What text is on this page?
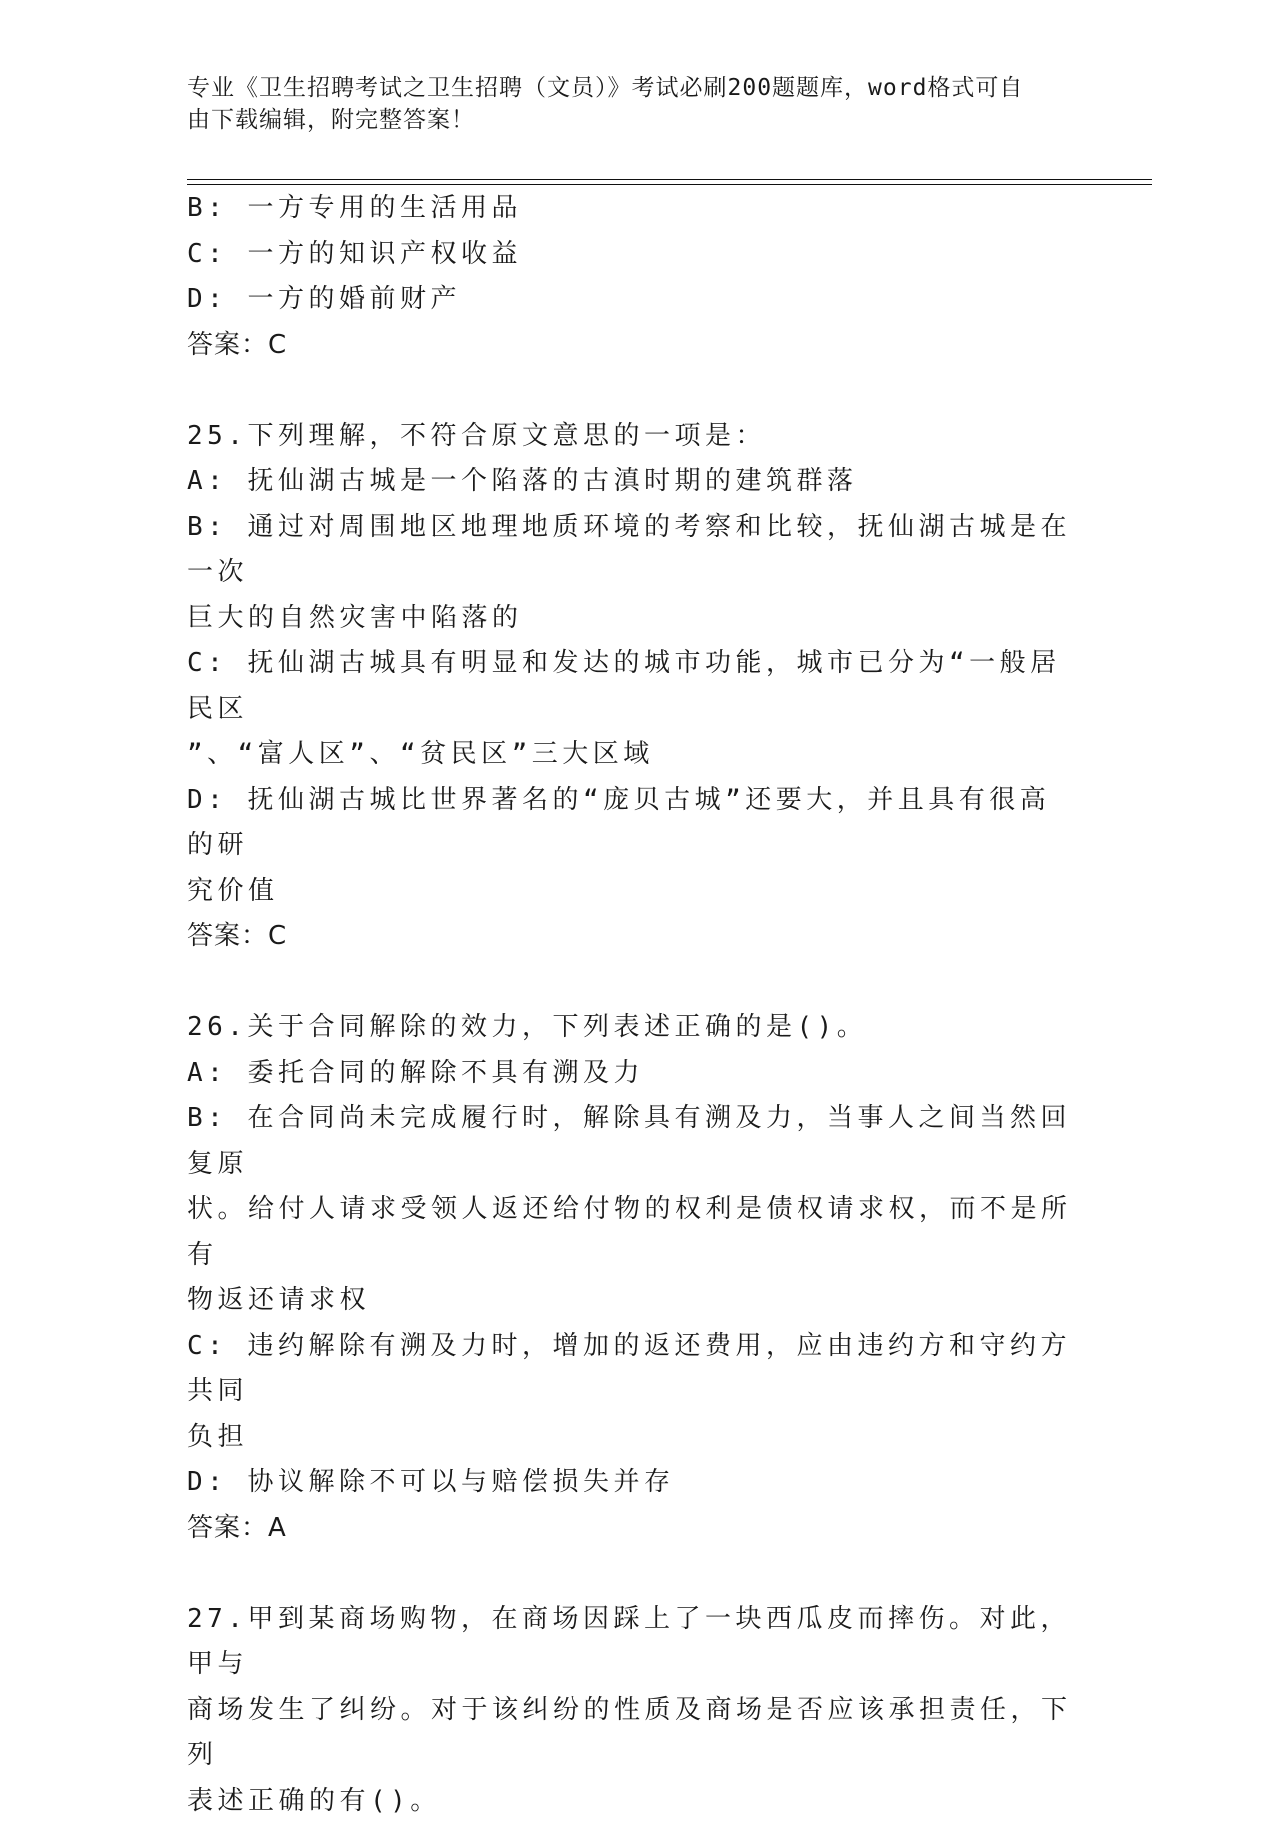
专业《卫生招聘考试之卫生招聘（文员）》考试必刷200题题库，word格式可自
由下载编辑，附完整答案！
B: 一方专用的生活用品
C: 一方的知识产权收益
D: 一方的婚前财产
答案：C
25.下列理解，不符合原文意思的一项是：
A: 抚仙湖古城是一个陷落的古滇时期的建筑群落
B: 通过对周围地区地理地质环境的考察和比较，抚仙湖古城是在一次
巨大的自然灾害中陷落的
C: 抚仙湖古城具有明显和发达的城市功能，城市已分为“一般居民区
”、“富人区”、“贫民区”三大区域
D: 抚仙湖古城比世界著名的“庞贝古城”还要大，并且具有很高的研
究价值
答案：C
26.关于合同解除的效力，下列表述正确的是()。
A: 委托合同的解除不具有溯及力
B: 在合同尚未完成履行时，解除具有溯及力，当事人之间当然回复原
状。给付人请求受领人返还给付物的权利是债权请求权，而不是所有
物返还请求权
C: 违约解除有溯及力时，增加的返还费用，应由违约方和守约方共同
负担
D: 协议解除不可以与赔偿损失并存
答案：A
27.甲到某商场购物，在商场因踩上了一块西瓜皮而摔伤。对此，甲与
商场发生了纠纷。对于该纠纷的性质及商场是否应该承担责任，下列
表述正确的有()。
